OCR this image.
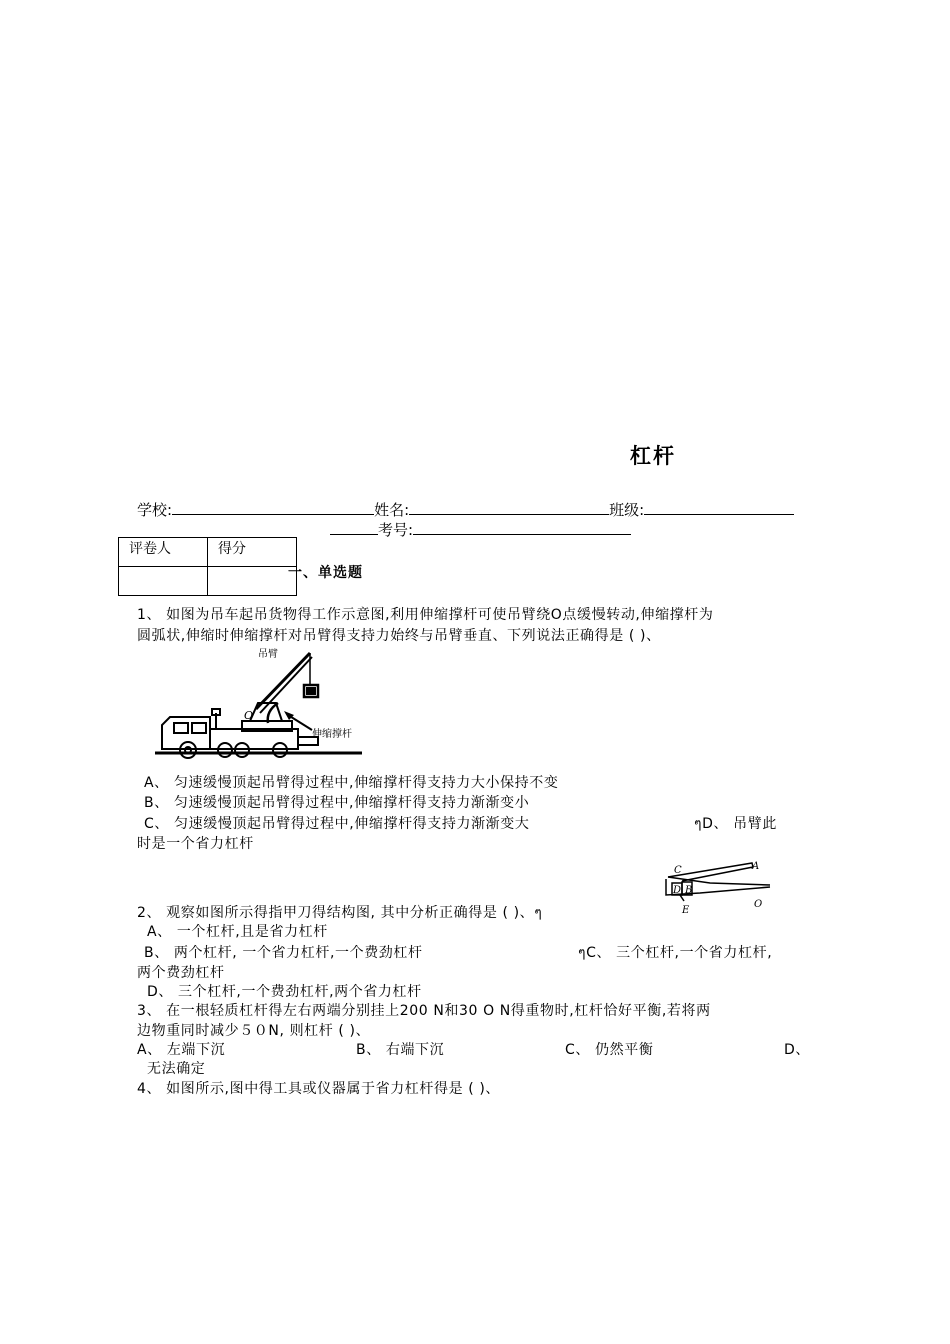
杠杆
学校:	姓名:	班级:
考号:
评卷人	得分

一、单选题
1、 如图为吊车起吊货物得工作示意图,利用伸缩撑杆可使吊臂绕O点缓慢转动,伸缩撑杆为
圆弧状,伸缩时伸缩撑杆对吊臂得支持力始终与吊臂垂直、下列说法正确得是 ( )、
吊臂
O
伸缩撑杆
A、 匀速缓慢顶起吊臂得过程中,伸缩撑杆得支持力大小保持不变
B、 匀速缓慢顶起吊臂得过程中,伸缩撑杆得支持力渐渐变小
C、 匀速缓慢顶起吊臂得过程中,伸缩撑杆得支持力渐渐变大	ๆD、 吊臂此
时是一个省力杠杆
C	A
D B
E
O
2、 观察如图所示得指甲刀得结构图, 其中分析正确得是 ( )、ๆ
A、 一个杠杆,且是省力杠杆
B、 两个杠杆, 一个省力杠杆,一个费劲杠杆	ๆC、 三个杠杆,一个省力杠杆,
两个费劲杠杆
D、 三个杠杆,一个费劲杠杆,两个省力杠杆
3、 在一根轻质杠杆得左右两端分别挂上200 N和30 O N得重物时,杠杆恰好平衡,若将两
边物重同时减少５０N, 则杠杆 ( )、
A、 左端下沉	B、 右端下沉	C、 仍然平衡	D、
无法确定
4、 如图所示,图中得工具或仪器属于省力杠杆得是 ( )、
